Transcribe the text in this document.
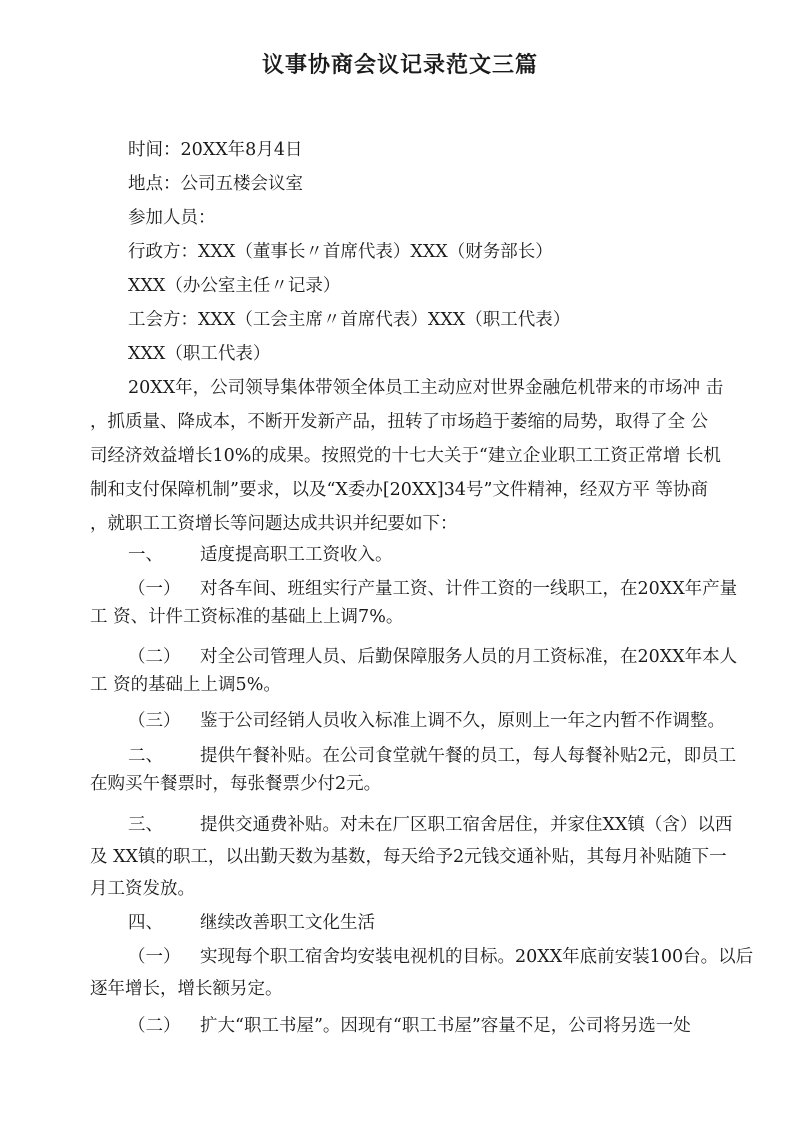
议事协商会议记录范文三篇
时间：20XX年8月4日
地点：公司五楼会议室
参加人员：
行政方：XXX（董事长〃首席代表）XXX（财务部长）
XXX（办公室主任〃记录）
工会方：XXX（工会主席〃首席代表）XXX（职工代表）
XXX（职工代表）
20XX年，公司领导集体带领全体员工主动应对世界金融危机带来的市场冲 击
，抓质量、降成本，不断开发新产品，扭转了市场趋于萎缩的局势，取得了全 公
司经济效益增长10%的成果。按照党的十七大关于“建立企业职工工资正常增 长机
制和支付保障机制”要求，以及“X委办[20XX]34号”文件精神，经双方平 等协商
，就职工工资增长等问题达成共识并纪要如下：
一、 适度提高职工工资收入。
（一） 对各车间、班组实行产量工资、计件工资的一线职工，在20XX年产量
工 资、计件工资标准的基础上上调7%。
（二） 对全公司管理人员、后勤保障服务人员的月工资标准，在20XX年本人
工 资的基础上上调5%。
（三） 鉴于公司经销人员收入标准上调不久，原则上一年之内暂不作调整。
二、 提供午餐补贴。在公司食堂就午餐的员工，每人每餐补贴2元，即员工
在购买午餐票时，每张餐票少付2元。
三、 提供交通费补贴。对未在厂区职工宿舍居住，并家住XX镇（含）以西
及 XX镇的职工，以出勤天数为基数，每天给予2元钱交通补贴，其每月补贴随下一
月工资发放。
四、 继续改善职工文化生活
（一） 实现每个职工宿舍均安装电视机的目标。20XX年底前安装100台。以后
逐年增长，增长额另定。
（二） 扩大“职工书屋”。因现有“职工书屋”容量不足，公司将另选一处
